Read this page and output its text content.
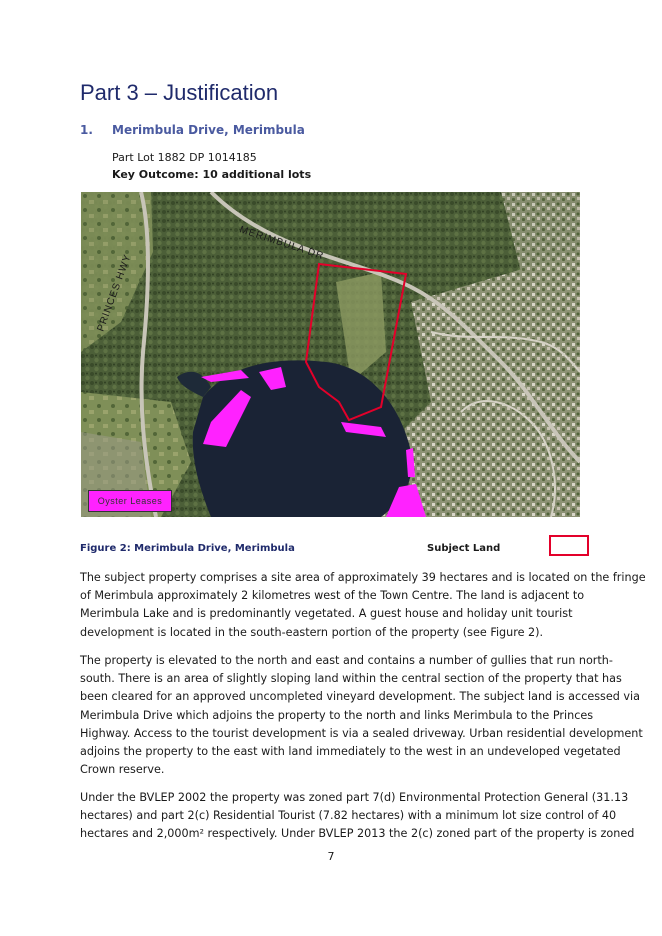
Part 3 – Justification
1. Merimbula Drive, Merimbula
Part Lot 1882 DP 1014185
Key Outcome: 10 additional lots
MERIMBULA DR
PRINCES HWY
Oyster Leases
Figure 2: Merimbula Drive, Merimbula	Subject Land

The subject property comprises a site area of approximately 39 hectares and is located on the fringe
of Merimbula approximately 2 kilometres west of the Town Centre. The land is adjacent to
Merimbula Lake and is predominantly vegetated. A guest house and holiday unit tourist
development is located in the south-eastern portion of the property (see Figure 2).

The property is elevated to the north and east and contains a number of gullies that run north-
south. There is an area of slightly sloping land within the central section of the property that has
been cleared for an approved uncompleted vineyard development. The subject land is accessed via
Merimbula Drive which adjoins the property to the north and links Merimbula to the Princes
Highway. Access to the tourist development is via a sealed driveway. Urban residential development
adjoins the property to the east with land immediately to the west in an undeveloped vegetated
Crown reserve.

Under the BVLEP 2002 the property was zoned part 7(d) Environmental Protection General (31.13
hectares) and part 2(c) Residential Tourist (7.82 hectares) with a minimum lot size control of 40
hectares and 2,000m² respectively. Under BVLEP 2013 the 2(c) zoned part of the property is zoned

7
